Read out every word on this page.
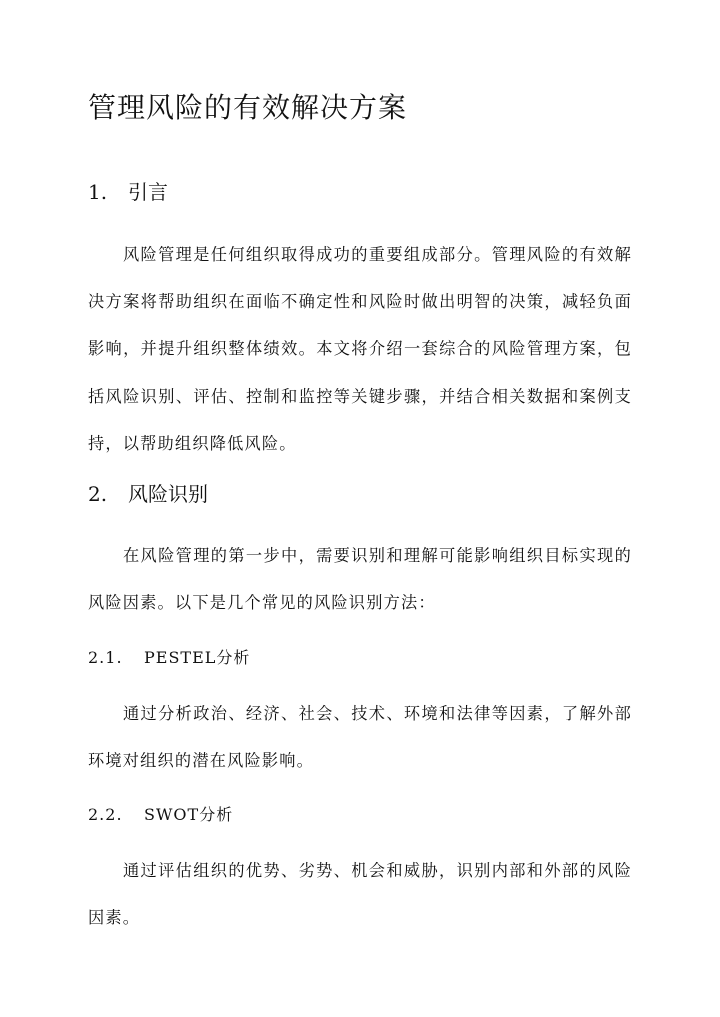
管理风险的有效解决方案
1. 引言

风险管理是任何组织取得成功的重要组成部分。管理风险的有效解决方案将帮助组织在面临不确定性和风险时做出明智的决策，减轻负面影响，并提升组织整体绩效。本文将介绍一套综合的风险管理方案，包括风险识别、评估、控制和监控等关键步骤，并结合相关数据和案例支持，以帮助组织降低风险。

2. 风险识别

在风险管理的第一步中，需要识别和理解可能影响组织目标实现的风险因素。以下是几个常见的风险识别方法：

2.1. PESTEL分析

通过分析政治、经济、社会、技术、环境和法律等因素，了解外部环境对组织的潜在风险影响。

2.2. SWOT分析

通过评估组织的优势、劣势、机会和威胁，识别内部和外部的风险因素。
